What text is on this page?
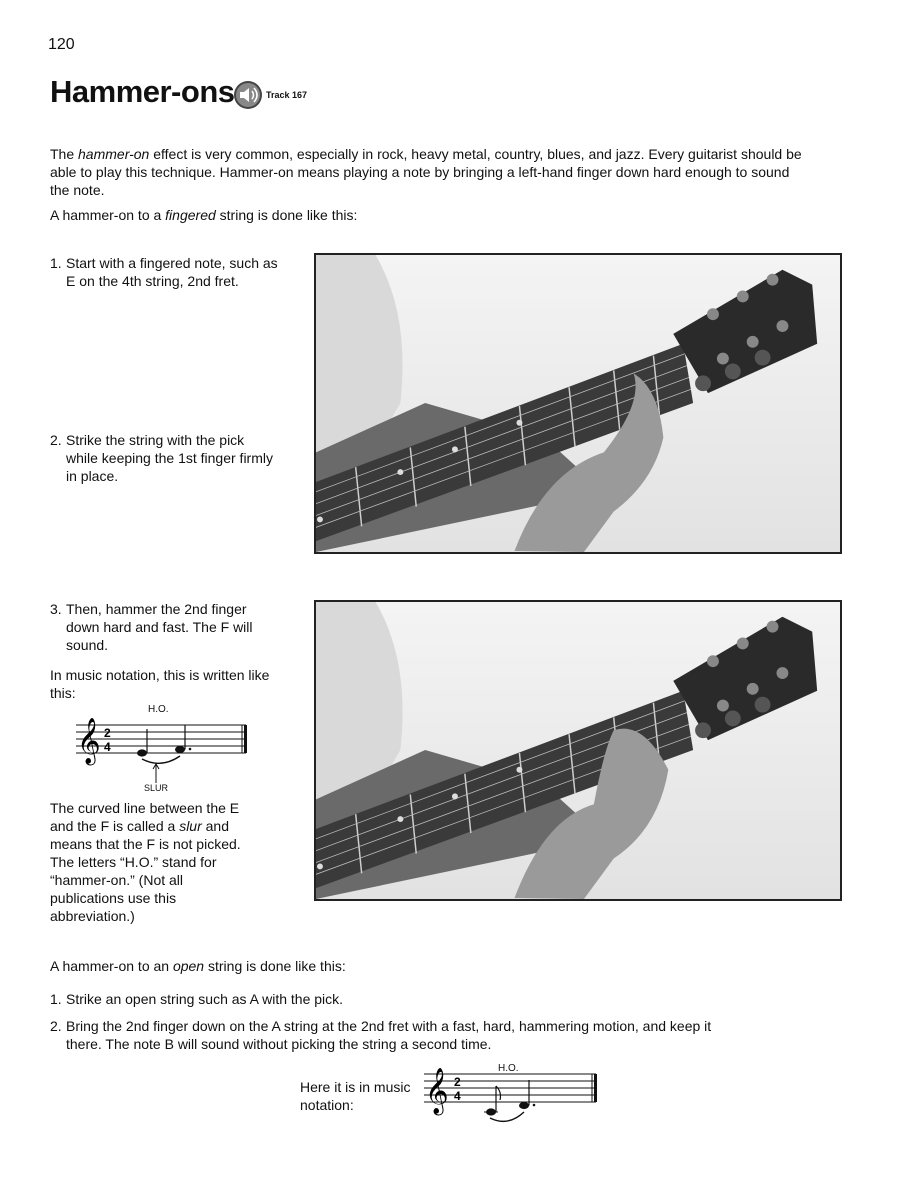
120
Hammer-ons	Track 167
The hammer-on effect is very common, especially in rock, heavy metal, country, blues, and jazz. Every guitarist should be able to play this technique. Hammer-on means playing a note by bringing a left-hand finger down hard enough to sound the note.
A hammer-on to a fingered string is done like this:
1. Start with a fingered note, such as E on the 4th string, 2nd fret.
2. Strike the string with the pick while keeping the 1st finger firmly in place.
3. Then, hammer the 2nd finger down hard and fast. The F will sound.
In music notation, this is written like this:
𝄞 2
4
H.O.
SLUR
The curved line between the E and the F is called a slur and means that the F is not picked. The letters “H.O.” stand for “hammer-on.” (Not all publications use this abbreviation.)
A hammer-on to an open string is done like this:
1. Strike an open string such as A with the pick.
2. Bring the 2nd finger down on the A string at the 2nd fret with a fast, hard, hammering motion, and keep it there. The note B will sound without picking the string a second time.
Here it is in music notation:	𝄞 2
4
H.O.
